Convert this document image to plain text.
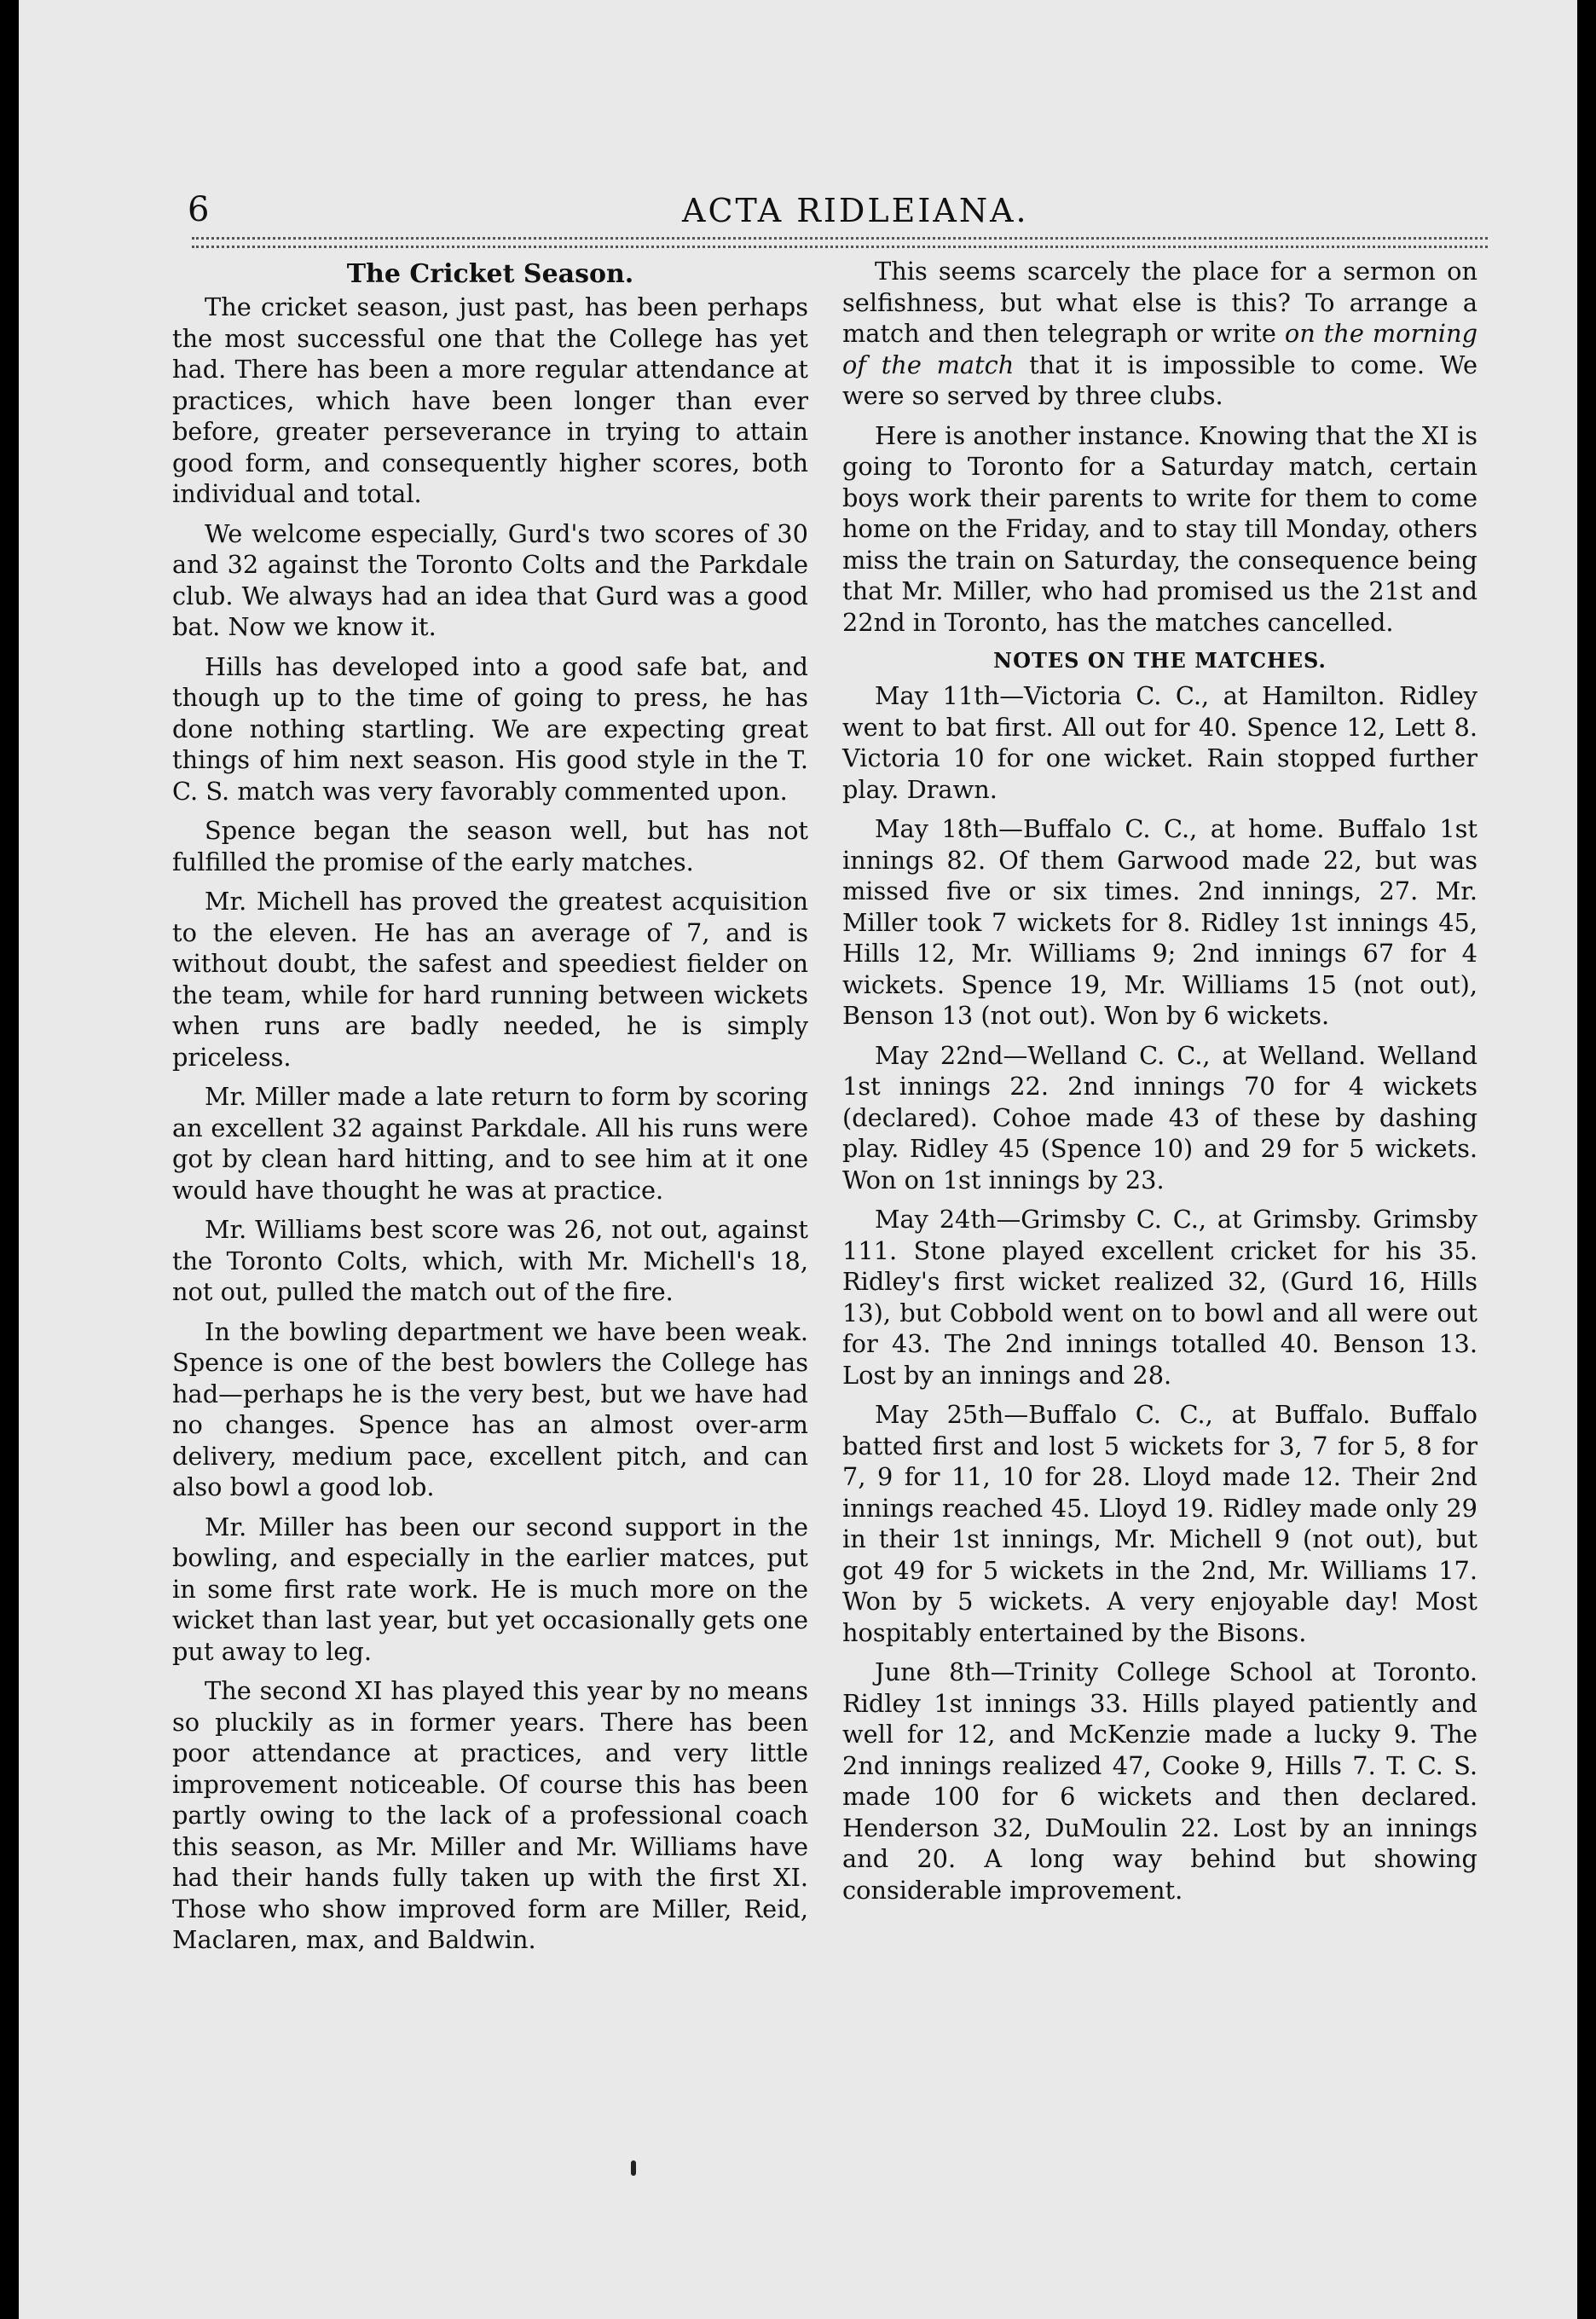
6	ACTA RIDLEIANA.
The Cricket Season.

The cricket season, just past, has been perhaps the most successful one that the College has yet had. There has been a more regular attendance at practices, which have been longer than ever before, greater perseverance in trying to attain good form, and consequently higher scores, both individual and total.

We welcome especially, Gurd's two scores of 30 and 32 against the Toronto Colts and the Parkdale club. We always had an idea that Gurd was a good bat. Now we know it.

Hills has developed into a good safe bat, and though up to the time of going to press, he has done nothing startling. We are expecting great things of him next season. His good style in the T. C. S. match was very favorably commented upon.

Spence began the season well, but has not fulfilled the promise of the early matches.

Mr. Michell has proved the greatest acquisition to the eleven. He has an average of 7, and is without doubt, the safest and speediest fielder on the team, while for hard running between wickets when runs are badly needed, he is simply priceless.

Mr. Miller made a late return to form by scoring an excellent 32 against Parkdale. All his runs were got by clean hard hitting, and to see him at it one would have thought he was at practice.

Mr. Williams best score was 26, not out, against the Toronto Colts, which, with Mr. Michell's 18, not out, pulled the match out of the fire.

In the bowling department we have been weak. Spence is one of the best bowlers the College has had—perhaps he is the very best, but we have had no changes. Spence has an almost over-arm delivery, medium pace, excellent pitch, and can also bowl a good lob.

Mr. Miller has been our second support in the bowling, and especially in the earlier matces, put in some first rate work. He is much more on the wicket than last year, but yet occasionally gets one put away to leg.

The second XI has played this year by no means so pluckily as in former years. There has been poor attendance at practices, and very little improvement noticeable. Of course this has been partly owing to the lack of a professional coach this season, as Mr. Miller and Mr. Williams have had their hands fully taken up with the first XI. Those who show improved form are Miller, Reid, Maclaren, max, and Baldwin.

This seems scarcely the place for a sermon on selfishness, but what else is this? To arrange a match and then telegraph or write on the morning of the match that it is impossible to come. We were so served by three clubs.

Here is another instance. Knowing that the XI is going to Toronto for a Saturday match, certain boys work their parents to write for them to come home on the Friday, and to stay till Monday, others miss the train on Saturday, the consequence being that Mr. Miller, who had promised us the 21st and 22nd in Toronto, has the matches cancelled.

NOTES ON THE MATCHES.

May 11th—Victoria C. C., at Hamilton. Ridley went to bat first. All out for 40. Spence 12, Lett 8. Victoria 10 for one wicket. Rain stopped further play. Drawn.

May 18th—Buffalo C. C., at home. Buffalo 1st innings 82. Of them Garwood made 22, but was missed five or six times. 2nd innings, 27. Mr. Miller took 7 wickets for 8. Ridley 1st innings 45, Hills 12, Mr. Williams 9; 2nd innings 67 for 4 wickets. Spence 19, Mr. Williams 15 (not out), Benson 13 (not out). Won by 6 wickets.

May 22nd—Welland C. C., at Welland. Welland 1st innings 22. 2nd innings 70 for 4 wickets (declared). Cohoe made 43 of these by dashing play. Ridley 45 (Spence 10) and 29 for 5 wickets. Won on 1st innings by 23.

May 24th—Grimsby C. C., at Grimsby. Grimsby 111. Stone played excellent cricket for his 35. Ridley's first wicket realized 32, (Gurd 16, Hills 13), but Cobbold went on to bowl and all were out for 43. The 2nd innings totalled 40. Benson 13. Lost by an innings and 28.

May 25th—Buffalo C. C., at Buffalo. Buffalo batted first and lost 5 wickets for 3, 7 for 5, 8 for 7, 9 for 11, 10 for 28. Lloyd made 12. Their 2nd innings reached 45. Lloyd 19. Ridley made only 29 in their 1st innings, Mr. Michell 9 (not out), but got 49 for 5 wickets in the 2nd, Mr. Williams 17. Won by 5 wickets. A very enjoyable day! Most hospitably entertained by the Bisons.

June 8th—Trinity College School at Toronto. Ridley 1st innings 33. Hills played patiently and well for 12, and McKenzie made a lucky 9. The 2nd innings realized 47, Cooke 9, Hills 7. T. C. S. made 100 for 6 wickets and then declared. Henderson 32, DuMoulin 22. Lost by an innings and 20. A long way behind but showing considerable improvement.
